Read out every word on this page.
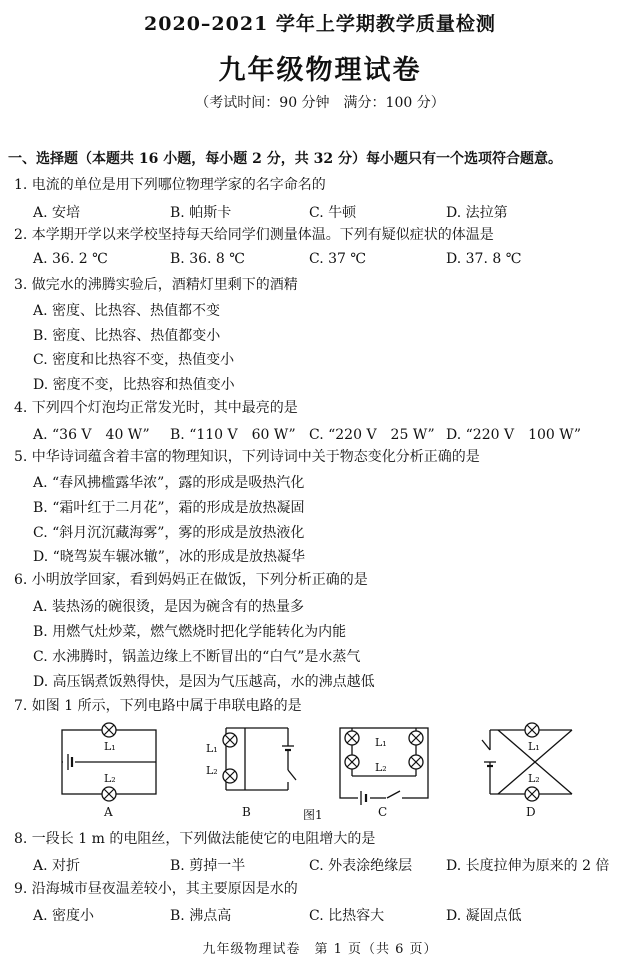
2020–2021 学年上学期教学质量检测
九年级物理试卷
（考试时间：90 分钟　满分：100 分）
一、选择题（本题共 16 小题，每小题 2 分，共 32 分）每小题只有一个选项符合题意。
1. 电流的单位是用下列哪位物理学家的名字命名的
A. 安培	B. 帕斯卡	C. 牛顿	D. 法拉第
2. 本学期开学以来学校坚持每天给同学们测量体温。下列有疑似症状的体温是
A. 36. 2 ℃	B. 36. 8 ℃	C. 37 ℃	D. 37. 8 ℃
3. 做完水的沸腾实验后，酒精灯里剩下的酒精
A. 密度、比热容、热值都不变
B. 密度、比热容、热值都变小
C. 密度和比热容不变，热值变小
D. 密度不变，比热容和热值变小
4. 下列四个灯泡均正常发光时，其中最亮的是
A. “36 V　40 W” B. “110 V　60 W” C. “220 V　25 W” D. “220 V　100 W”
5. 中华诗词蕴含着丰富的物理知识，下列诗词中关于物态变化分析正确的是
A. “春风拂槛露华浓”，露的形成是吸热汽化
B. “霜叶红于二月花”，霜的形成是放热凝固
C. “斜月沉沉藏海雾”，雾的形成是放热液化
D. “晓驾炭车辗冰辙”，冰的形成是放热凝华
6. 小明放学回家，看到妈妈正在做饭，下列分析正确的是
A. 装热汤的碗很烫，是因为碗含有的热量多
B. 用燃气灶炒菜，燃气燃烧时把化学能转化为内能
C. 水沸腾时，锅盖边缘上不断冒出的“白气”是水蒸气
D. 高压锅煮饭熟得快，是因为气压越高，水的沸点越低
7. 如图 1 所示，下列电路中属于串联电路的是
L₁
L₂
L₁
L₂
L₁
L₂
L₁
L₂
A	B	图1	C	D
8. 一段长 1 m 的电阻丝，下列做法能使它的电阻增大的是
A. 对折	B. 剪掉一半	C. 外表涂绝缘层 D. 长度拉伸为原来的 2 倍
9. 沿海城市昼夜温差较小，其主要原因是水的
A. 密度小	B. 沸点高	C. 比热容大	D. 凝固点低
九年级物理试卷　第 1 页（共 6 页）
